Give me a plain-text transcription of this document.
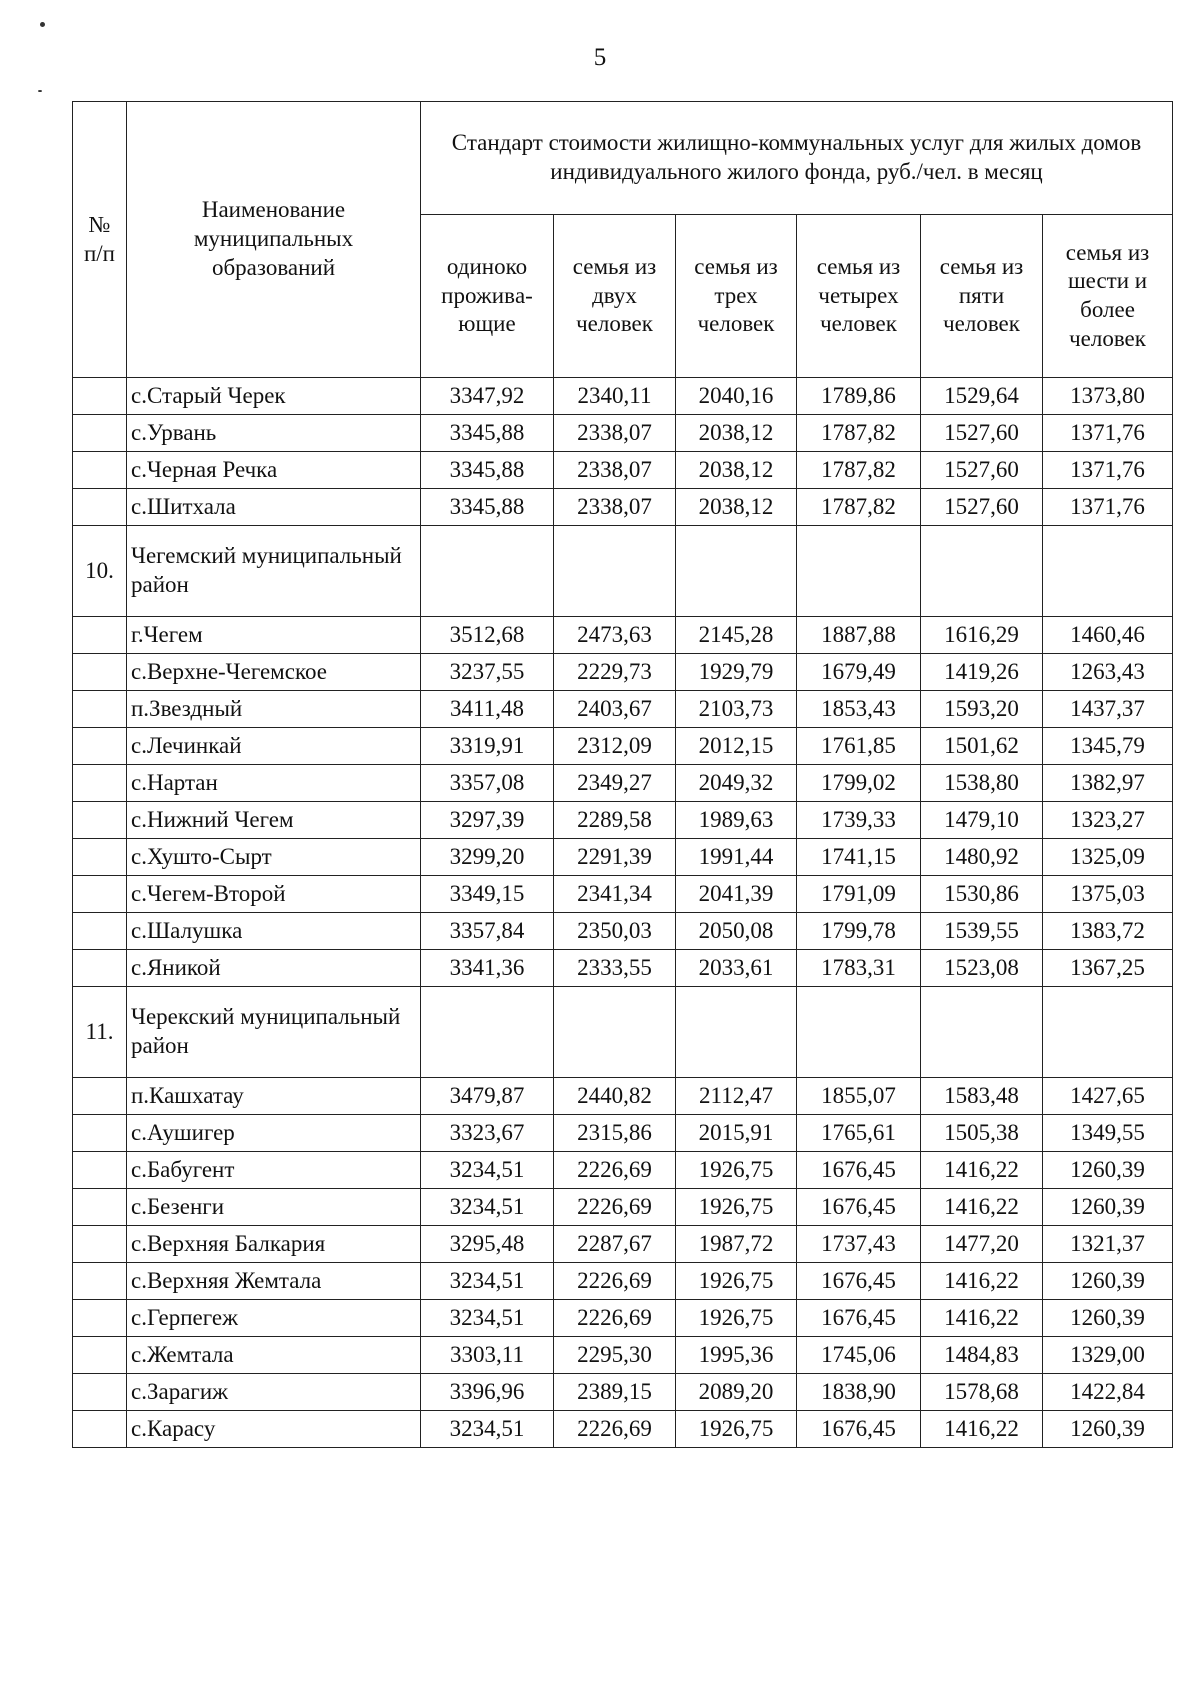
5
№ п/п	Наименование муниципальных образований	Стандарт стоимости жилищно-коммунальных услуг для жилых домов индивидуального жилого фонда, руб./чел. в месяц					
		одиноко проживa-ющие	семья из двух человек	семья из трех человек	семья из четырех человек	семья из пяти человек	семья из шести и более человек
	с.Старый Черек	3347,92	2340,11	2040,16	1789,86	1529,64	1373,80
	с.Урвань	3345,88	2338,07	2038,12	1787,82	1527,60	1371,76
	с.Черная Речка	3345,88	2338,07	2038,12	1787,82	1527,60	1371,76
	с.Шитхала	3345,88	2338,07	2038,12	1787,82	1527,60	1371,76
10.	Чегемский муниципальный район						
	г.Чегем	3512,68	2473,63	2145,28	1887,88	1616,29	1460,46
	с.Верхне-Чегемское	3237,55	2229,73	1929,79	1679,49	1419,26	1263,43
	п.Звездный	3411,48	2403,67	2103,73	1853,43	1593,20	1437,37
	с.Лечинкай	3319,91	2312,09	2012,15	1761,85	1501,62	1345,79
	с.Нартан	3357,08	2349,27	2049,32	1799,02	1538,80	1382,97
	с.Нижний Чегем	3297,39	2289,58	1989,63	1739,33	1479,10	1323,27
	с.Хушто-Сырт	3299,20	2291,39	1991,44	1741,15	1480,92	1325,09
	с.Чегем-Второй	3349,15	2341,34	2041,39	1791,09	1530,86	1375,03
	с.Шалушка	3357,84	2350,03	2050,08	1799,78	1539,55	1383,72
	с.Яникой	3341,36	2333,55	2033,61	1783,31	1523,08	1367,25
11.	Черекский муниципальный район						
	п.Кашхатау	3479,87	2440,82	2112,47	1855,07	1583,48	1427,65
	с.Аушигер	3323,67	2315,86	2015,91	1765,61	1505,38	1349,55
	с.Бабугент	3234,51	2226,69	1926,75	1676,45	1416,22	1260,39
	с.Безенги	3234,51	2226,69	1926,75	1676,45	1416,22	1260,39
	с.Верхняя Балкария	3295,48	2287,67	1987,72	1737,43	1477,20	1321,37
	с.Верхняя Жемтала	3234,51	2226,69	1926,75	1676,45	1416,22	1260,39
	с.Герпегеж	3234,51	2226,69	1926,75	1676,45	1416,22	1260,39
	с.Жемтала	3303,11	2295,30	1995,36	1745,06	1484,83	1329,00
	с.Зарагиж	3396,96	2389,15	2089,20	1838,90	1578,68	1422,84
	с.Карасу	3234,51	2226,69	1926,75	1676,45	1416,22	1260,39
